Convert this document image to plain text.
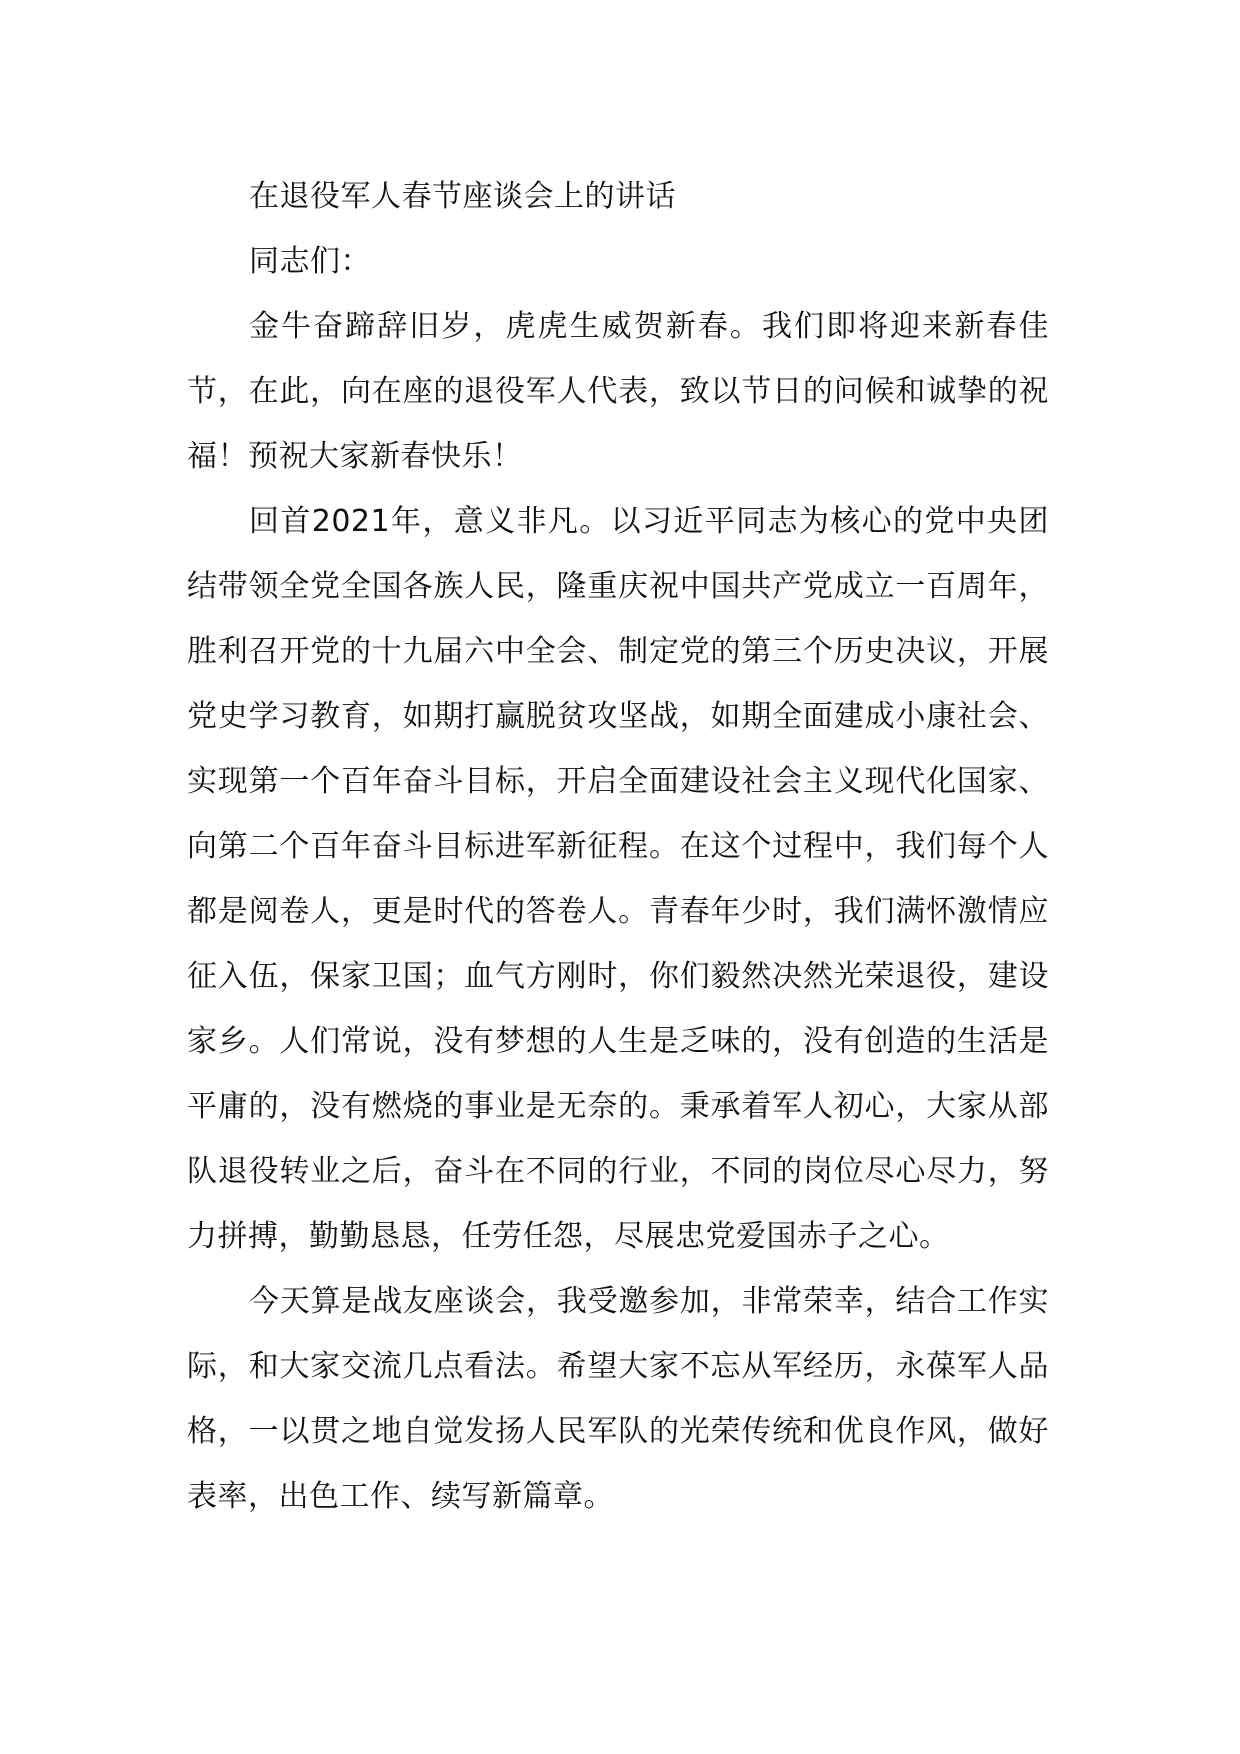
在退役军人春节座谈会上的讲话
同志们：

金牛奋蹄辞旧岁，虎虎生威贺新春。我们即将迎来新春佳节，在此，向在座的退役军人代表，致以节日的问候和诚挚的祝福！预祝大家新春快乐！

回首2021年，意义非凡。以习近平同志为核心的党中央团结带领全党全国各族人民，隆重庆祝中国共产党成立一百周年，胜利召开党的十九届六中全会、制定党的第三个历史决议，开展党史学习教育，如期打赢脱贫攻坚战，如期全面建成小康社会、实现第一个百年奋斗目标，开启全面建设社会主义现代化国家、向第二个百年奋斗目标进军新征程。在这个过程中，我们每个人都是阅卷人，更是时代的答卷人。青春年少时，我们满怀激情应征入伍，保家卫国；血气方刚时，你们毅然决然光荣退役，建设家乡。人们常说，没有梦想的人生是乏味的，没有创造的生活是平庸的，没有燃烧的事业是无奈的。秉承着军人初心，大家从部队退役转业之后，奋斗在不同的行业，不同的岗位尽心尽力，努力拼搏，勤勤恳恳，任劳任怨，尽展忠党爱国赤子之心。

今天算是战友座谈会，我受邀参加，非常荣幸，结合工作实际，和大家交流几点看法。希望大家不忘从军经历，永葆军人品格，一以贯之地自觉发扬人民军队的光荣传统和优良作风，做好表率，出色工作、续写新篇章。
